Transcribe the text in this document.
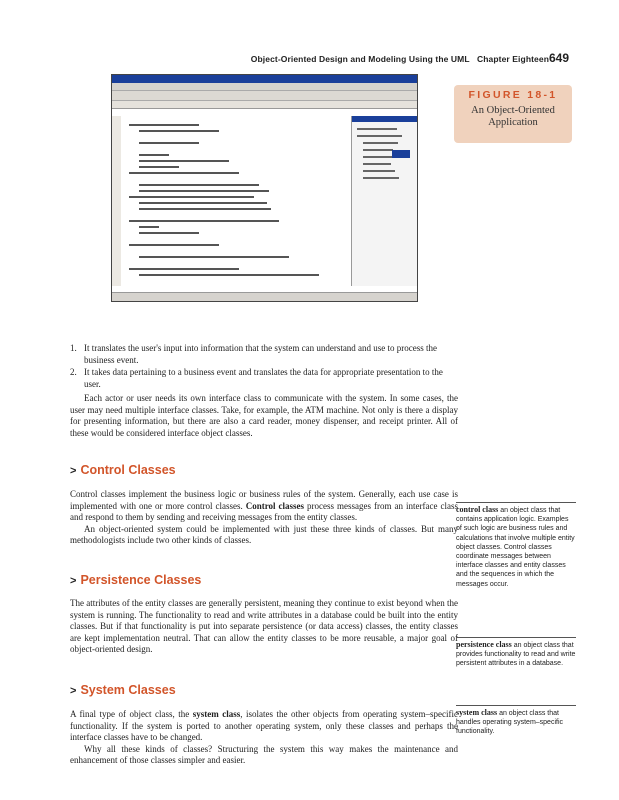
Object-Oriented Design and Modeling Using the UML Chapter Eighteen 649
FIGURE 18-1
An Object-Oriented Application
1. It translates the user's input into information that the system can understand and use to process the business event.
2. It takes data pertaining to a business event and translates the data for appropriate presentation to the user.

Each actor or user needs its own interface class to communicate with the system. In some cases, the user may need multiple interface classes. Take, for example, the ATM machine. Not only is there a display for presenting information, but there are also a card reader, money dispenser, and receipt printer. All of these would be considered interface object classes.

> Control Classes

Control classes implement the business logic or business rules of the system. Generally, each use case is implemented with one or more control classes. Control classes process messages from an interface class and respond to them by sending and receiving messages from the entity classes.

An object-oriented system could be implemented with just these three kinds of classes. But many methodologists include two other kinds of classes.

> Persistence Classes

The attributes of the entity classes are generally persistent, meaning they continue to exist beyond when the system is running. The functionality to read and write attributes in a database could be built into the entity classes. But if that functionality is put into separate persistence (or data access) classes, the entity classes are kept implementation neutral. That can allow the entity classes to be more reusable, a major goal of object-oriented design.

> System Classes

A final type of object class, the system class, isolates the other objects from operating system–specific functionality. If the system is ported to another operating system, only these classes and perhaps the interface classes have to be changed.

Why all these kinds of classes? Structuring the system this way makes the maintenance and enhancement of those classes simpler and easier.

control class an object class that contains application logic. Examples of such logic are business rules and calculations that involve multiple entity object classes. Control classes coordinate messages between interface classes and entity classes and the sequences in which the messages occur.
persistence class an object class that provides functionality to read and write persistent attributes in a database.
system class an object class that handles operating system–specific functionality.
